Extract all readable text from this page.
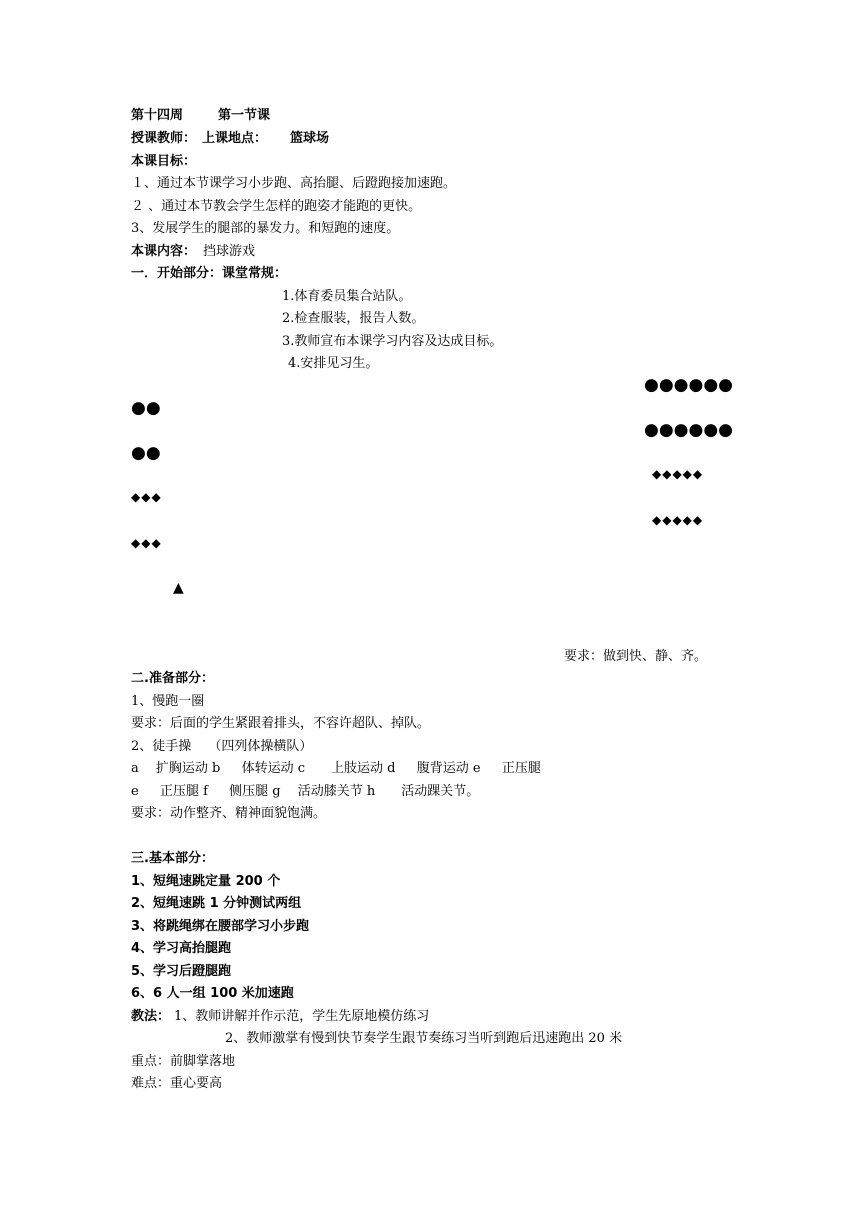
第十四周	第一节课
授课教师： 上课地点： 篮球场
本课目标：
１、通过本节课学习小步跑、高抬腿、后蹬跑接加速跑。
２ 、通过本节教会学生怎样的跑姿才能跑的更快。
3、发展学生的腿部的暴发力。和短跑的速度。
本课内容： 挡球游戏
一．开始部分：课堂常规：
1.体育委员集合站队。
2.检查服装，报告人数。
3.教师宣布本课学习内容及达成目标。
4.安排见习生。
●●●●●●
●●
●●●●●●
●●
◆◆◆◆◆
◆◆◆
◆◆◆◆◆
◆◆◆
▲
要求：做到快、静、齐。
二.准备部分：
1、慢跑一圈
要求：后面的学生紧跟着排头，不容许超队、掉队。
2、徒手操　 （四列体操横队）
a　 扩胸运动 b 　 体转运动 c　　上肢运动 d 　 腹背运动 e 　 正压腿
e 　 正压腿 f 　 侧压腿 g　 活动膝关节 h　　活动踝关节。
要求：动作整齐、精神面貌饱满。
三.基本部分：
1、短绳速跳定量 200 个
2、短绳速跳 1 分钟测试两组
3、将跳绳绑在腰部学习小步跑
4、学习高抬腿跑
5、学习后蹬腿跑
6、6 人一组 100 米加速跑
教法： 1、教师讲解并作示范，学生先原地模仿练习
2、教师激掌有慢到快节奏学生跟节奏练习当听到跑后迅速跑出 20 米
重点：前脚掌落地
难点：重心要高
